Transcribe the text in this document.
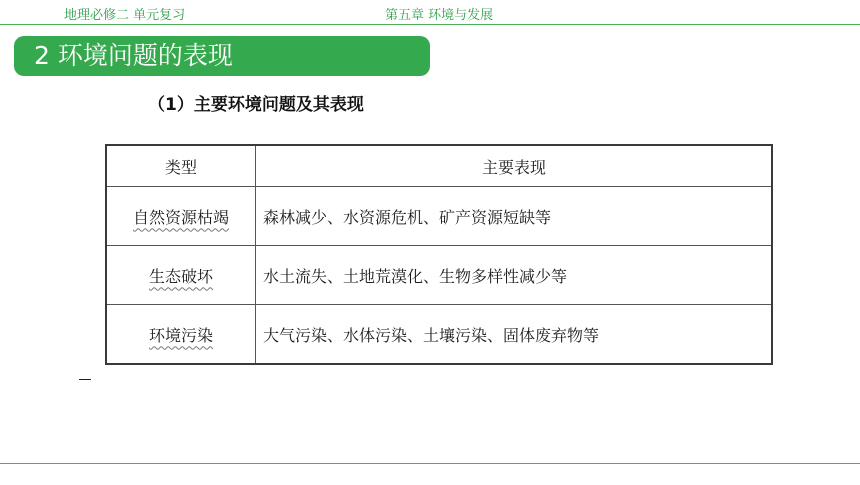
地理必修二 单元复习	第五章 环境与发展
2 环境问题的表现
（1）主要环境问题及其表现
类型	主要表现
自然资源枯竭	森林减少、水资源危机、矿产资源短缺等
生态破坏	水土流失、土地荒漠化、生物多样性减少等
环境污染	大气污染、水体污染、土壤污染、固体废弃物等
